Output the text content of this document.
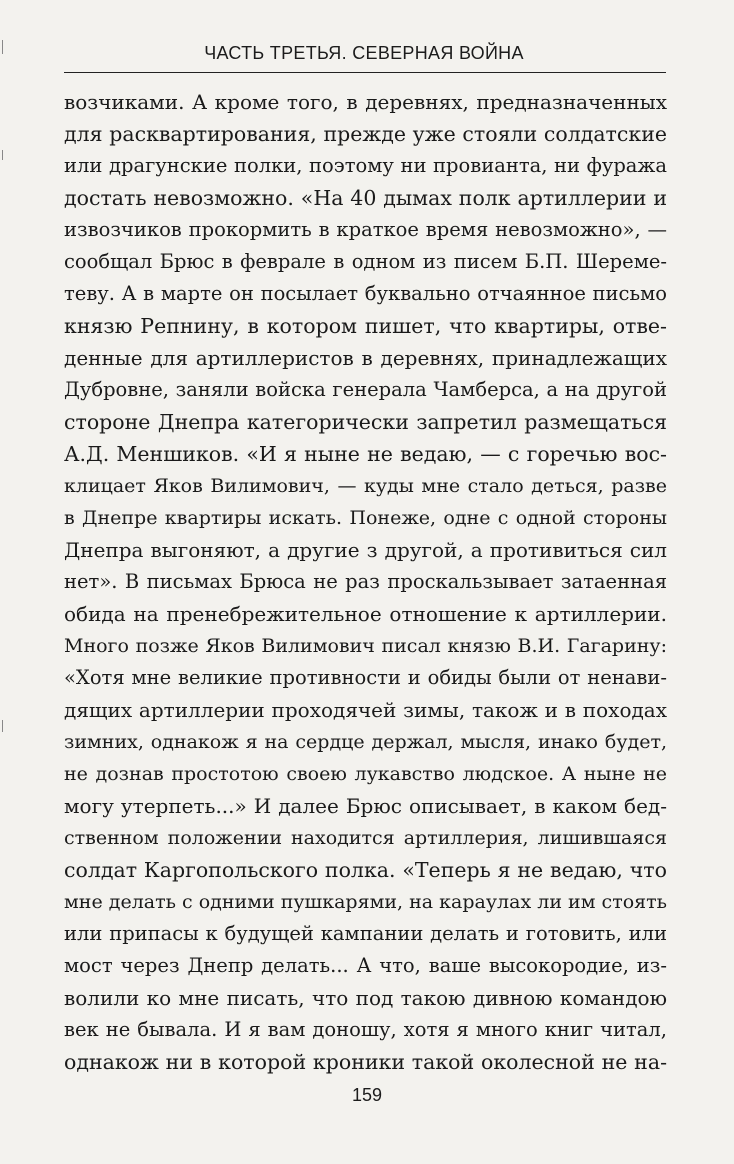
ЧАСТЬ ТРЕТЬЯ. СЕВЕРНАЯ ВОЙНА
возчиками. А кроме того, в деревнях, предназначенных
для расквартирования, прежде уже стояли солдатские
или драгунские полки, поэтому ни провианта, ни фуража
достать невозможно. «На 40 дымах полк артиллерии и
извозчиков прокормить в краткое время невозможно», —
сообщал Брюс в феврале в одном из писем Б.П. Шереме-
теву. А в марте он посылает буквально отчаянное письмо
князю Репнину, в котором пишет, что квартиры, отве-
денные для артиллеристов в деревнях, принадлежащих
Дубровне, заняли войска генерала Чамберса, а на другой
стороне Днепра категорически запретил размещаться
А.Д. Меншиков. «И я ныне не ведаю, — с горечью вос-
клицает Яков Вилимович, — куды мне стало деться, разве
в Днепре квартиры искать. Понеже, одне с одной стороны
Днепра выгоняют, а другие з другой, а противиться сил
нет». В письмах Брюса не раз проскальзывает затаенная
обида на пренебрежительное отношение к артиллерии.
Много позже Яков Вилимович писал князю В.И. Гагарину:
«Хотя мне великие противности и обиды были от ненави-
дящих артиллерии проходячей зимы, також и в походах
зимних, однакож я на сердце держал, мысля, инако будет,
не дознав простотою своею лукавство людское. А ныне не
могу утерпеть...» И далее Брюс описывает, в каком бед-
ственном положении находится артиллерия, лишившаяся
солдат Каргопольского полка. «Теперь я не ведаю, что
мне делать с одними пушкарями, на караулах ли им стоять
или припасы к будущей кампании делать и готовить, или
мост через Днепр делать... А что, ваше высокородие, из-
волили ко мне писать, что под такою дивною командою
век не бывала. И я вам доношу, хотя я много книг читал,
однакож ни в которой кроники такой околесной не на-
159
